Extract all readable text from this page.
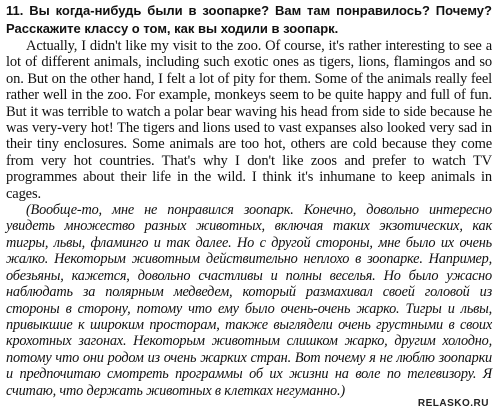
11. Вы когда-нибудь были в зоопарке? Вам там понравилось? Почему? Расскажите классу о том, как вы ходили в зоопарк.

Actually, I didn't like my visit to the zoo. Of course, it's rather interesting to see a lot of different animals, including such exotic ones as tigers, lions, flamingos and so on. But on the other hand, I felt a lot of pity for them. Some of the animals really feel rather well in the zoo. For example, monkeys seem to be quite happy and full of fun. But it was terrible to watch a polar bear waving his head from side to side because he was very-very hot! The tigers and lions used to vast expanses also looked very sad in their tiny enclosures. Some animals are too hot, others are cold because they come from very hot countries. That's why I don't like zoos and prefer to watch TV programmes about their life in the wild. I think it's inhumane to keep animals in cages.

(Вообще-то, мне не понравился зоопарк. Конечно, довольно интересно увидеть множество разных животных, включая таких экзотических, как тигры, львы, фламинго и так далее. Но с другой стороны, мне было их очень жалко. Некоторым животным действительно неплохо в зоопарке. Например, обезьяны, кажется, довольно счастливы и полны веселья. Но было ужасно наблюдать за полярным медведем, который размахивал своей головой из стороны в сторону, потому что ему было очень-очень жарко. Тигры и львы, привыкшие к широким просторам, также выглядели очень грустными в своих крохотных загонах. Некоторым животным слишком жарко, другим холодно, потому что они родом из очень жарких стран. Вот почему я не люблю зоопарки и предпочитаю смотреть программы об их жизни на воле по телевизору. Я считаю, что держать животных в клетках негуманно.)

RELASKO.RU
